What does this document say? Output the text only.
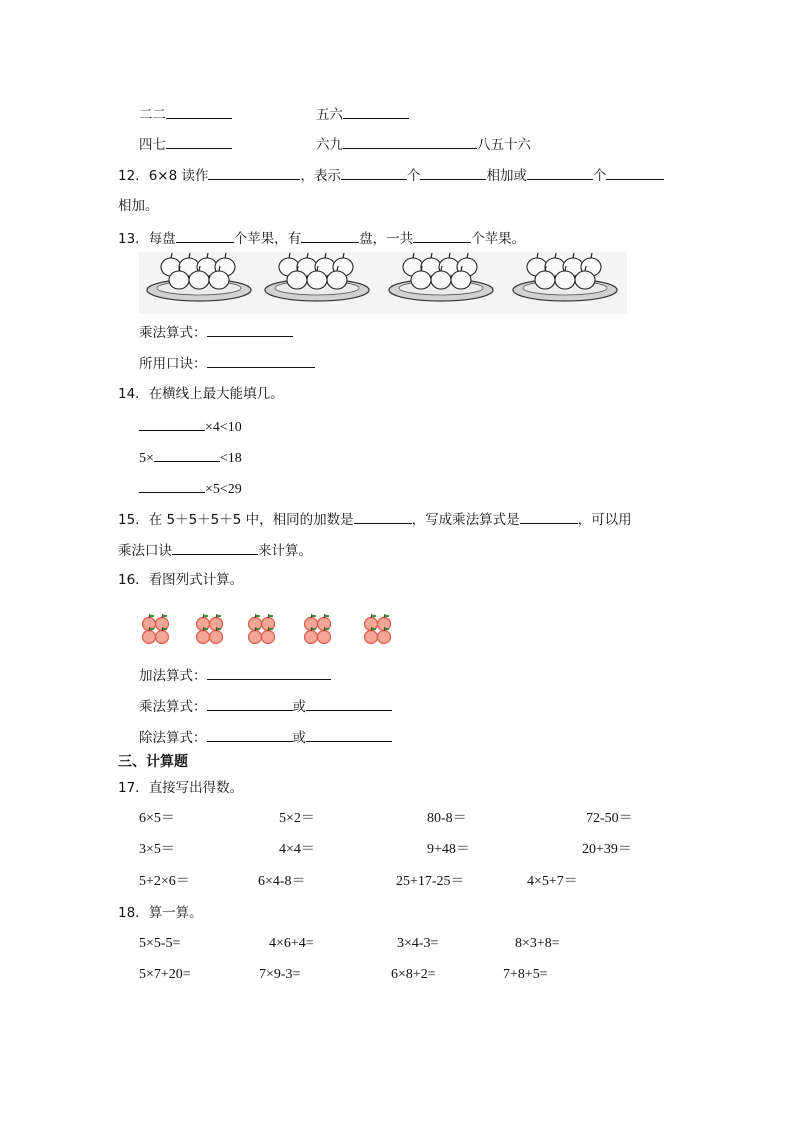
二二	五六
四七	六九	八五十六
12．6×8 读作	，表示	个	相加或	个
相加。
13．每盘	个苹果，有	盘，一共	个苹果。
乘法算式：
所用口诀：
14．在横线上最大能填几。
×4<10
5×	<18
×5<29
15．在 5＋5＋5＋5 中，相同的加数是	，写成乘法算式是	，可以用
乘法口诀	来计算。
16．看图列式计算。
加法算式：
乘法算式：	或
除法算式：	或
三、计算题
17．直接写出得数。
6×5＝	5×2＝	80-8＝	72-50＝
3×5＝	4×4＝	9+48＝	20+39＝
5+2×6＝	6×4-8＝	25+17-25＝	4×5+7＝
18．算一算。
5×5-5=	4×6+4=	3×4-3=	8×3+8=
5×7+20=	7×9-3=	6×8+2=	7+8+5=
